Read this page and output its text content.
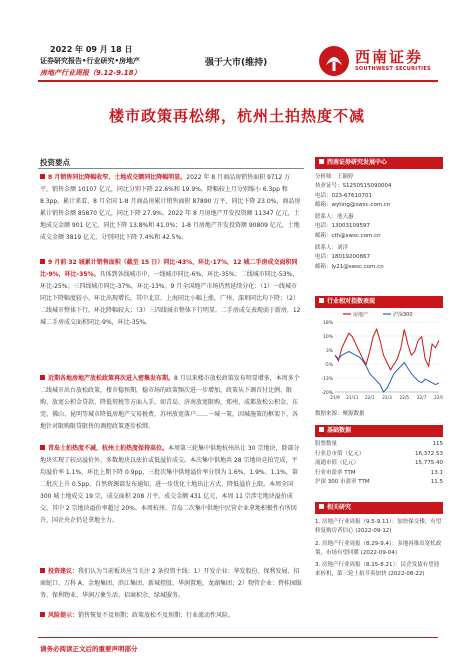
2022 年 09 月 18 日
证券研究报告•行业研究•房地产
房地产行业周报（9.12-9.18）
强于大市(维持)	西南证券
SOUTHWEST SECURITIES
楼市政策再松绑，杭州土拍热度不减
投资要点

8 月销售同比降幅收窄，土地成交额同比降幅明显。2022 年 8 月商品房销售面积 9712 万平，销售金额 10107 亿元，同比分别下降 22.6%和 19.9%，降幅较上月分别缩小 6.3pp 和 8.3pp。累计来看，8 月全国 1-8 月商品房累计销售面积 87890 万平，同比下降 23.0%，商品房累计销售金额 85870 亿元，同比下降 27.9%。2022 年 8 月房地产开发投资额 11347 亿元，土地成交金额 901 亿元，同比下降 13.8%和 41.0%；1-8 月房地产开发投资额 90809 亿元，土地成交金额 3819 亿元，分别同比下降 7.4%和 42.5%。

9 月前 32 城累计销售面积（截至 15 日）同比-43%，环比-17%，12 城二手房成交面积同比-9%，环比-35%。具体到各线城市中，一线城市同比-6%，环比-35%；二线城市同比-53%，环比-25%；三四线城市同比-37%，环比-13%。9 月全国地产市场仍然延续分化：（1）一线城市同比下降幅度较小，环比出现增长，其中北京、上海同比小幅上涨，广州、深圳同比均下降；（2）二线城市整体下行，环比降幅较大；（3）三四线城市整体下行明显。二手房成交表现弱于新房，12 城二手房成交面积同比-9%，环比-35%。

近期各地房地产放松政策再次进入密集发布期。8 月以来楼市放松政策发布明显增多，本周多个二线城市出台放松政策，楼市稳预期，稳市场的政策频次进一步增加，政策从下调首付比例、限购、放宽公积金贷款、降低契税等方面入手。如青岛、济南放宽限购，郑州、成都放松公积金，东莞、佛山、昆明等城市降低房地产交易税费，苏州放宽落户……一城一策，因城施策的框架下，各地针对限购限贷限售的调控政策逐步松绑。

青岛土拍热度不减，杭州土拍热度保持高位。本周第三轮集中供地杭州出让 30 宗地块，除部分地块实现了较高溢价外，多数地块以底价或低溢价成交。本次集中供地共 28 宗地块竞拍完成，平均溢价率 1.1%，环比上期下降 0.9pp，三批次集中供地溢价率分别为 1.6%、1.9%、1.1%，第二批次上升 0.5pp，自然资源部发布通知，进一步优化土地出让方式，降低溢价上限。本周全国 300 城土地成交 19 宗，成交面积 208 万平，成交金额 431 亿元，本周 11 宗涉宅地块溢价成交，其中 2 宗地块溢价率超过 20%。本周杭州、青岛二次集中供地中民营企业拿地积极性有所回升，国企央企仍是拿地主力。

投资建议：我们认为当前板块应当关注 2 条投资主线：1）开发企业：华发股份、保利发展、招商蛇口、万科 A、金地集团、滨江集团、新城控股、华润置地、龙湖集团；2）物管企业：碧桂园服务、保利物业、华润万象生活、招商积余、绿城服务。

风险提示：销售恢复不及预期；政策放松不及预期；行业流动性风险。

西南证券研究发展中心
分析师：王颖婷
执业证号：S1250515090004
电话：023-67610701
邮箱：wyting@swsc.com.cn
联系人：池天惠
电话：13003109597
邮箱：cth@swsc.com.cn
联系人：刘洋
电话：18019200867
邮箱：ly21@swsc.com.cn
行业相对指数表现
房地产	沪深300
18%
10%
3%
-5%
-13%
-20%
21/9 21/11 22/1 22/3 22/5 22/7 22/9
数据来源：聚源数据
基础数据
股票数量	115
行业总市值（亿元）	16,372.53
流通市值（亿元）	15,775.40
行业市盈率 TTM	13.1
沪深 300 市盈率 TTM	11.5
相关研究
1. 房地产行业周报（9.5-9.11）：加快保交楼，有望修复购房者信心 (2022-09-12)
2. 房地产行业周报（8.29-9.4）：多地再推出宽松政策，市场有望回暖 (2022-09-04)
3. 房地产行业周报（8.15-8.21）：民企发债有望迎来转机，第三轮土拍节奏加快 (2022-08-22)
请务必阅读正文后的重要声明部分
